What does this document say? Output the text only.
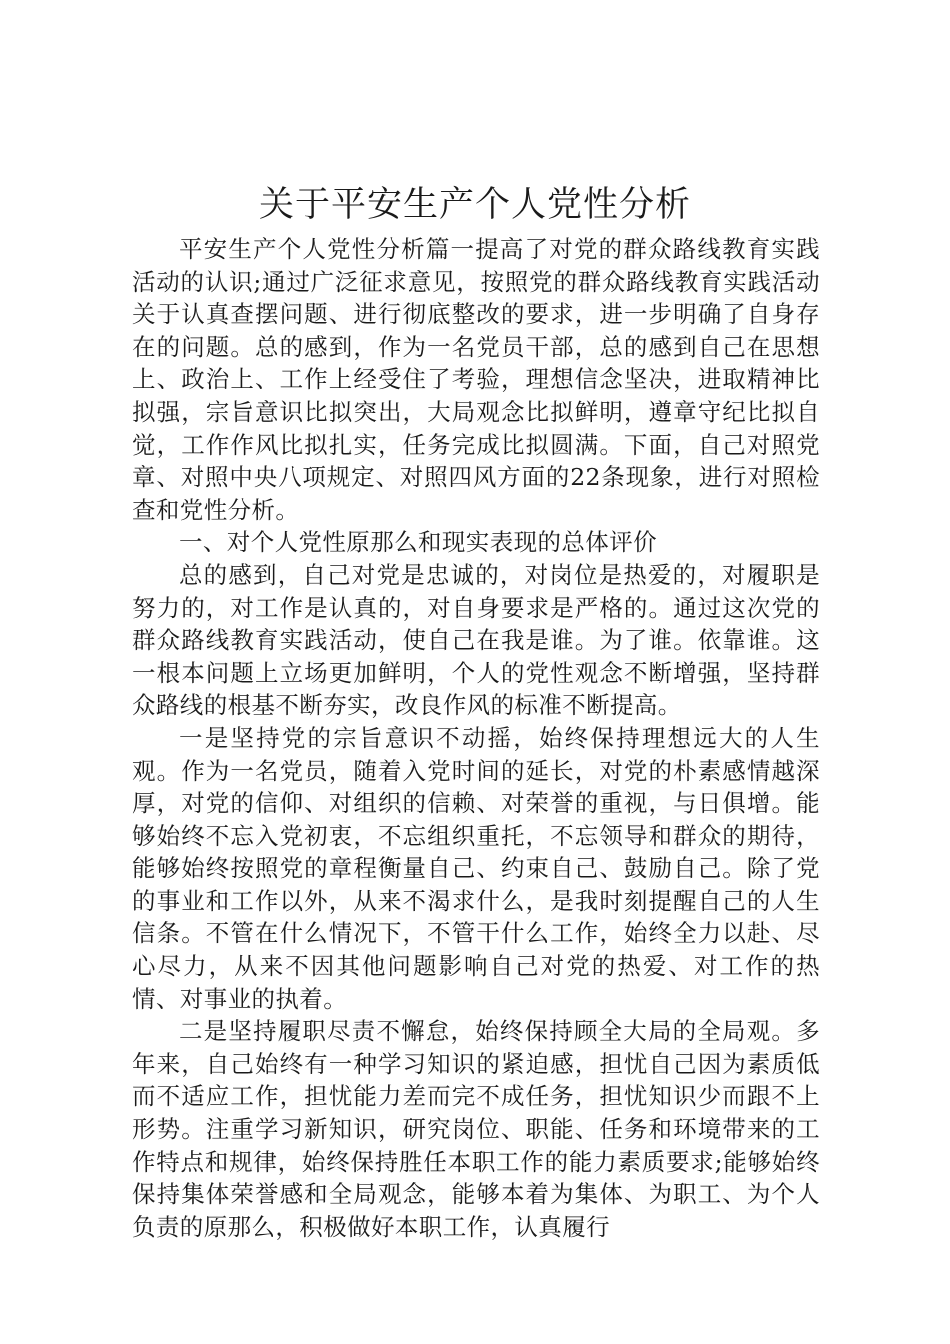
关于平安生产个人党性分析

平安生产个人党性分析篇一提高了对党的群众路线教育实践活动的认识;通过广泛征求意见，按照党的群众路线教育实践活动关于认真查摆问题、进行彻底整改的要求，进一步明确了自身存在的问题。总的感到，作为一名党员干部，总的感到自己在思想上、政治上、工作上经受住了考验，理想信念坚决，进取精神比拟强，宗旨意识比拟突出，大局观念比拟鲜明，遵章守纪比拟自觉，工作作风比拟扎实，任务完成比拟圆满。下面，自己对照党章、对照中央八项规定、对照四风方面的22条现象，进行对照检查和党性分析。

一、对个人党性原那么和现实表现的总体评价

总的感到，自己对党是忠诚的，对岗位是热爱的，对履职是努力的，对工作是认真的，对自身要求是严格的。通过这次党的群众路线教育实践活动，使自己在我是谁。为了谁。依靠谁。这一根本问题上立场更加鲜明，个人的党性观念不断增强，坚持群众路线的根基不断夯实，改良作风的标准不断提高。

一是坚持党的宗旨意识不动摇，始终保持理想远大的人生观。作为一名党员，随着入党时间的延长，对党的朴素感情越深厚，对党的信仰、对组织的信赖、对荣誉的重视，与日俱增。能够始终不忘入党初衷，不忘组织重托，不忘领导和群众的期待，能够始终按照党的章程衡量自己、约束自己、鼓励自己。除了党的事业和工作以外，从来不渴求什么，是我时刻提醒自己的人生信条。不管在什么情况下，不管干什么工作，始终全力以赴、尽心尽力，从来不因其他问题影响自己对党的热爱、对工作的热情、对事业的执着。

二是坚持履职尽责不懈怠，始终保持顾全大局的全局观。多年来，自己始终有一种学习知识的紧迫感，担忧自己因为素质低而不适应工作，担忧能力差而完不成任务，担忧知识少而跟不上形势。注重学习新知识，研究岗位、职能、任务和环境带来的工作特点和规律，始终保持胜任本职工作的能力素质要求;能够始终保持集体荣誉感和全局观念，能够本着为集体、为职工、为个人负责的原那么，积极做好本职工作，认真履行
